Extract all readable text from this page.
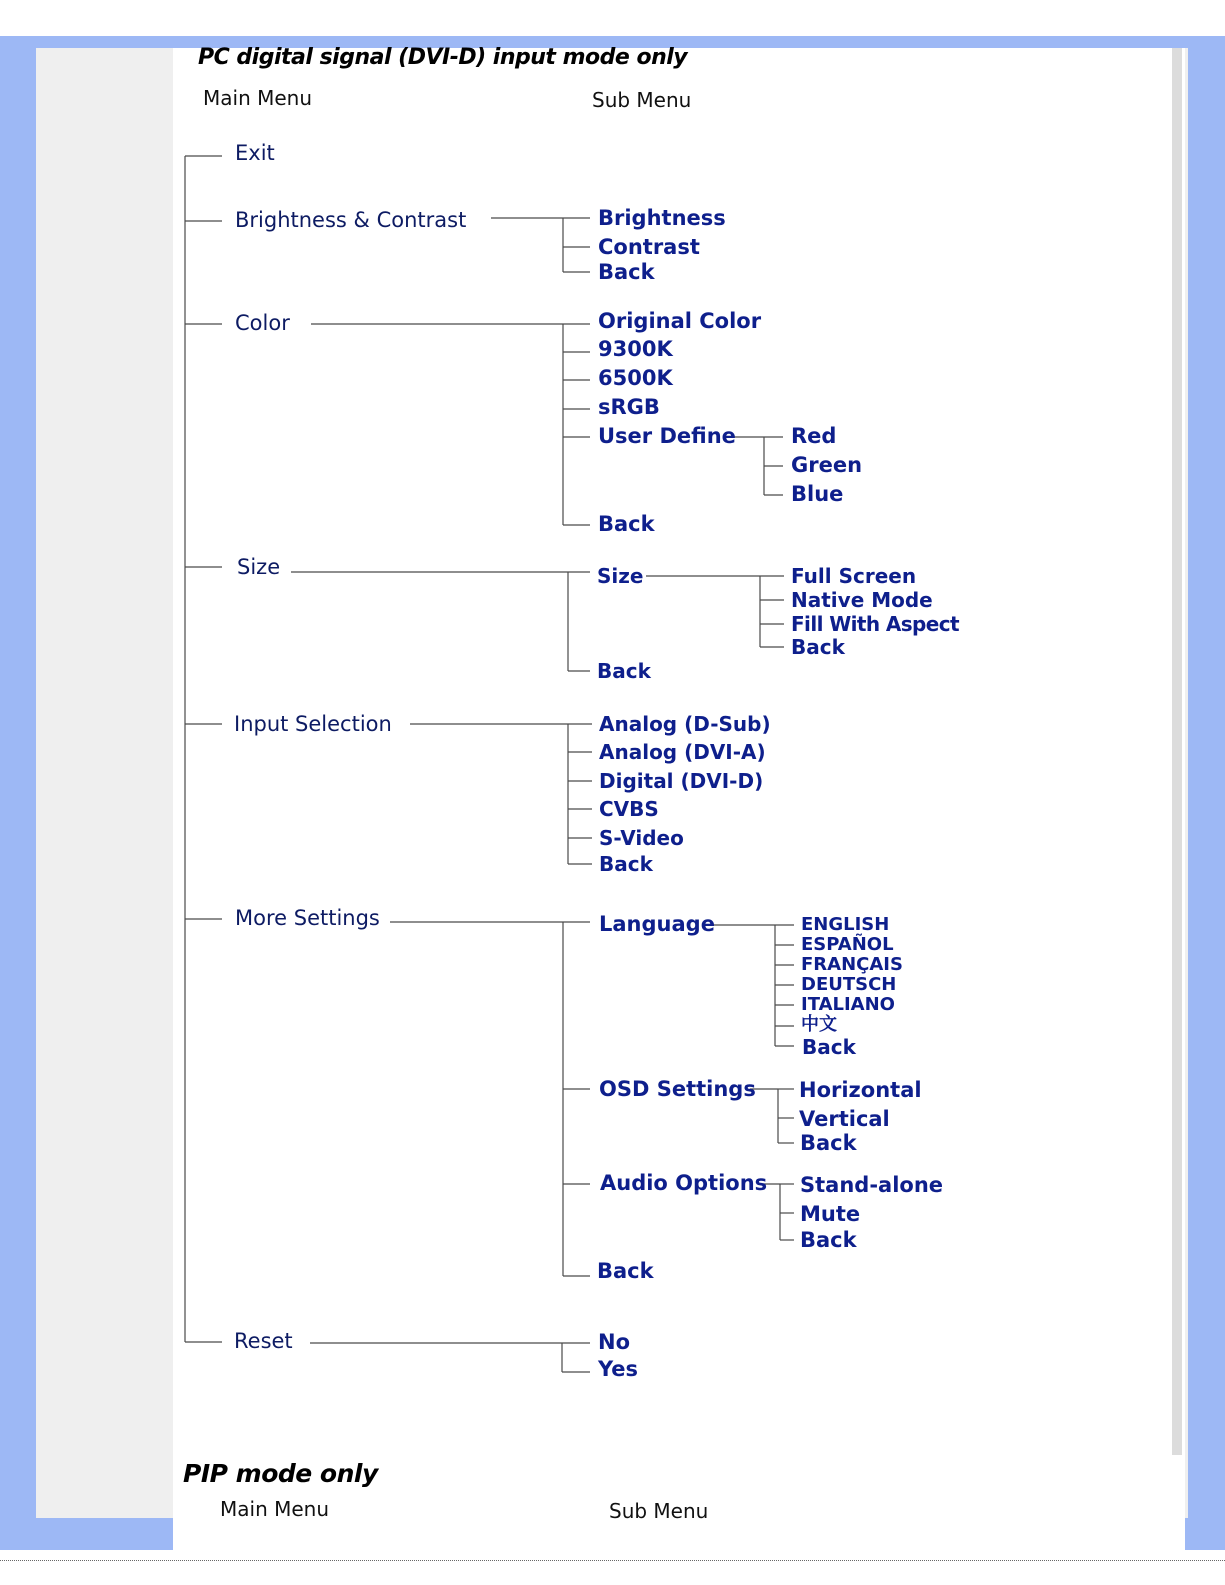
PC digital signal (DVI-D) input mode only
Main Menu	Sub Menu
Exit
Brightness & Contrast
Color
Size
Input Selection
More Settings
Reset
Brightness
Contrast
Back
Original Color
9300K
6500K
sRGB
User Define
Back
Red
Green
Blue
Size
Back
Full Screen
Native Mode
Fill With Aspect
Back
Analog (D-Sub)
Analog (DVI-A)
Digital (DVI-D)
CVBS
S-Video
Back
Language
OSD Settings
Audio Options
Back
ENGLISH
ESPAÑOL
FRANÇAIS
DEUTSCH
ITALIANO
中文
Back
Horizontal
Vertical
Back
Stand-alone
Mute
Back
No
Yes
PIP mode only
Main Menu	Sub Menu
